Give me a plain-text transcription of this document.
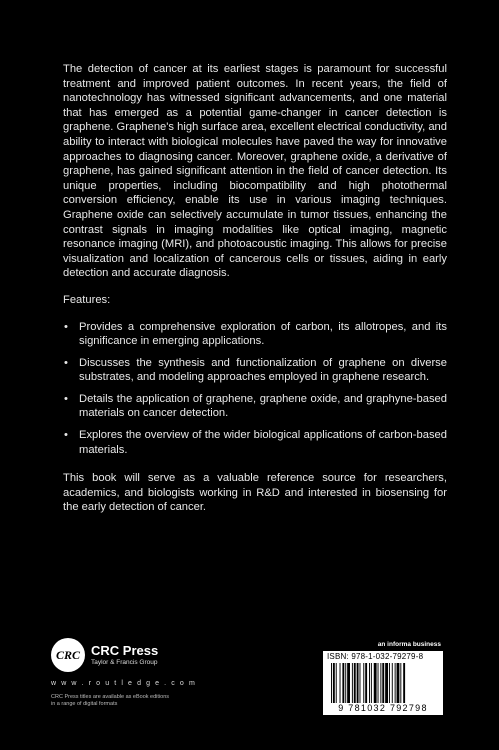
The detection of cancer at its earliest stages is paramount for successful treatment and improved patient outcomes. In recent years, the field of nanotechnology has witnessed significant advancements, and one material that has emerged as a potential game-changer in cancer detection is graphene. Graphene's high surface area, excellent electrical conductivity, and ability to interact with biological molecules have paved the way for innovative approaches to diagnosing cancer. Moreover, graphene oxide, a derivative of graphene, has gained significant attention in the field of cancer detection. Its unique properties, including biocompatibility and high photothermal conversion efficiency, enable its use in various imaging techniques. Graphene oxide can selectively accumulate in tumor tissues, enhancing the contrast signals in imaging modalities like optical imaging, magnetic resonance imaging (MRI), and photoacoustic imaging. This allows for precise visualization and localization of cancerous cells or tissues, aiding in early detection and accurate diagnosis.

Features:

• Provides a comprehensive exploration of carbon, its allotropes, and its significance in emerging applications.
• Discusses the synthesis and functionalization of graphene on diverse substrates, and modeling approaches employed in graphene research.
• Details the application of graphene, graphene oxide, and graphyne-based materials on cancer detection.
• Explores the overview of the wider biological applications of carbon-based materials.

This book will serve as a valuable reference source for researchers, academics, and biologists working in R&D and interested in biosensing for the early detection of cancer.

CRC CRC Press
Taylor & Francis Group
w w w . r o u t l e d g e . c o m
CRC Press titles are available as eBook editions
in a range of digital formats
an informa business
ISBN: 978-1-032-79279-8
9 781032 792798
